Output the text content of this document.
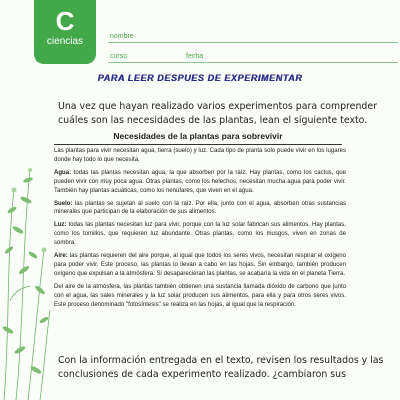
C
ciencias
3º básico
nombre
curso	fecha
PARA LEER DESPUES DE EXPERIMENTAR

Una vez que hayan realizado varios experimentos para comprender cuáles son las necesidades de las plantas, lean el siguiente texto.

Necesidades de la plantas para sobrevivir

Las plantas para vivir necesitan agua, tierra (suelo) y luz. Cada tipo de planta solo puede vivir en los lugares donde hay todo lo que necesita.

Agua: todas las plantas necesitan agua, la que absorben por la raíz. Hay plantas, como los cactus, que pueden vivir con muy poca agua. Otras plantas, como los helechos, necesitan mucha agua para poder vivir. También hay plantas acuáticas, como los nenúfares, que viven en el agua.

Suelo: las plantas se sujetan al suelo con la raíz. Por ella, junto con el agua, absorben otras sustancias minerales que participan de la elaboración de sus alimentos.

Luz: todas las plantas necesitan luz para vivir, porque con la luz solar fabrican sus alimentos. Hay plantas, como los tomillos, que requieren luz abundante. Otras plantas, como los musgos, viven en zonas de sombra.

Aire: las plantas requieren del aire porque, al igual que todos los seres vivos, necesitan respirar el oxígeno para poder vivir. Este proceso, las plantas lo llevan a cabo en las hojas. Sin embargo, también producen oxígeno que expulsan a la atmósfera. Si desaparecieran las plantas, se acabaría la vida en el planeta Tierra.

Del aire de la atmósfera, las plantas también obtienen una sustancia llamada dióxido de carbono que junto con el agua, las sales minerales y la luz solar producen sus alimentos, para ella y para otros seres vivos. Este proceso denominado "fotosíntesis" se realiza en las hojas, al igual que la respiración.

Con la información entregada en el texto, revisen los resultados y las conclusiones de cada experimento realizado. ¿cambiaron sus
